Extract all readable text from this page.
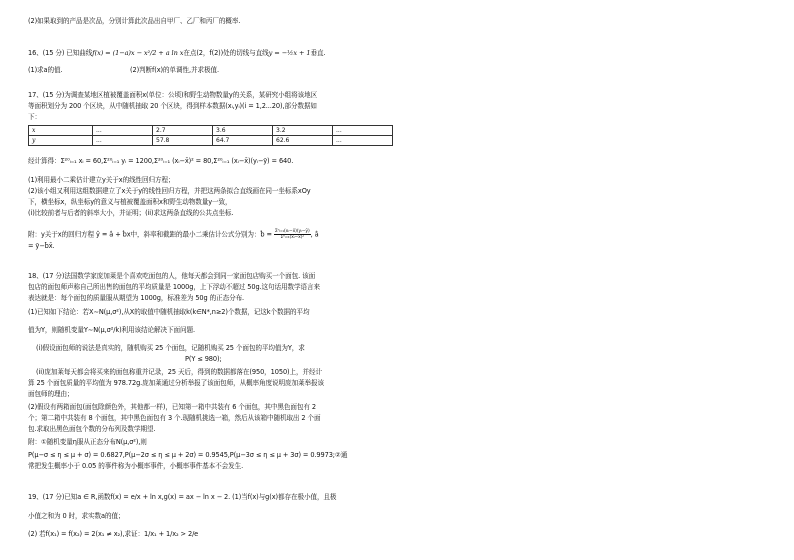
(2)如果取到的产品是次品，分别计算此次品出自甲厂、乙厂和丙厂的概率.
16、(15 分) 已知曲线f(x) = (1−a)x − x²/2 + a ln x在点(2，f(2))处的切线与直线y = −½x + 1垂直.
(1)求a的值.	(2)判断f(x)的单调性,并求极值.
17、(15 分)为调查某地区植被覆盖面积x(单位：公顷)和野生动物数量y的关系，某研究小组将该地区
等面积划分为 200 个区块，从中随机抽取 20 个区块，得到样本数据(xᵢ,yᵢ)(i = 1,2...20),部分数据如
下：
x	...	2.7	3.6	3.2	...
y	...	57.8	64.7	62.6	...
经计算得：Σ²⁰ᵢ₌₁ xᵢ = 60,Σ²⁰ᵢ₌₁ yᵢ = 1200,Σ²⁰ᵢ₌₁ (xᵢ−x̄)² = 80,Σ²⁰ᵢ₌₁ (xᵢ−x̄)(yᵢ−ȳ) = 640.
(1)利用最小二乘估计建立y关于x的线性回归方程；
(2)该小组又利用这组数据建立了x关于y的线性回归方程，并把这两条拟合直线画在同一坐标系xOy
下，横坐标x，纵坐标y的意义与植被覆盖面积x和野生动物数量y一致，
(i)比较前者与后者的斜率大小，并证明；(ii)求这两条直线的公共点坐标.
附：y关于x的回归方程 ŷ = â + b̂x中，斜率和截距的最小二乘估计公式分别为：b̂ = $\frac{\text{Σⁿᵢ₌₁(xᵢ−x̄)(yᵢ−ȳ)}}{\text{Σⁿᵢ₌₁(xᵢ−x̄)²}}$, â
= ȳ−b̂x̄.
18、(17 分)法国数学家庞加莱是个喜欢吃面包的人，他每天都会到同一家面包店购买一个面包. 该面
包店的面包师声称自己所出售的面包的平均质量是 1000g，上下浮动不超过 50g.这句话用数学语言来
表达就是：每个面包的质量服从期望为 1000g，标准差为 50g 的正态分布.
(1)已知如下结论：若X∼N(μ,σ²),从X的取值中随机抽取k(k∈N*,n≥2)个数据，记这k个数据的平均
值为Y，则随机变量Y∼N(μ,σ²/k)利用该结论解决下面问题.
(i)假设面包师的说法是真实的，随机购买 25 个面包，记随机购买 25 个面包的平均值为Y，求
P(Y ≤ 980);
(ii)庞加莱每天都会将买来的面包称重并记录，25 天后，得到的数据都落在(950，1050)上，并经计
算 25 个面包质量的平均值为 978.72g.庞加莱通过分析举报了该面包师，从概率角度说明庞加莱举报该
面包师的理由；
(2)假设有两箱面包(面包除颜色外，其他都一样)，已知第一箱中共装有 6 个面包，其中黑色面包有 2
个；第二箱中共装有 8 个面包，其中黑色面包有 3 个.现随机挑选一箱，然后从该箱中随机取出 2 个面
包.求取出黑色面包个数的分布列及数学期望.
附：①随机变量η服从正态分布N(μ,σ²),则
P(μ−σ ≤ η ≤ μ + σ) = 0.6827,P(μ−2σ ≤ η ≤ μ + 2σ) = 0.9545,P(μ−3σ ≤ η ≤ μ + 3σ) = 0.9973;②通
常把发生概率小于 0.05 的事件称为小概率事件，小概率事件基本不会发生.
19、(17 分)已知a ∈ R,函数f(x) = e/x + ln x,g(x) = ax − ln x − 2. (1)当f(x)与g(x)都存在极小值，且极
小值之和为 0 时，求实数a的值；
(2) 若f(x₁) = f(x₂) = 2(x₁ ≠ x₂),求证：1/x₁ + 1/x₂ > 2/e
